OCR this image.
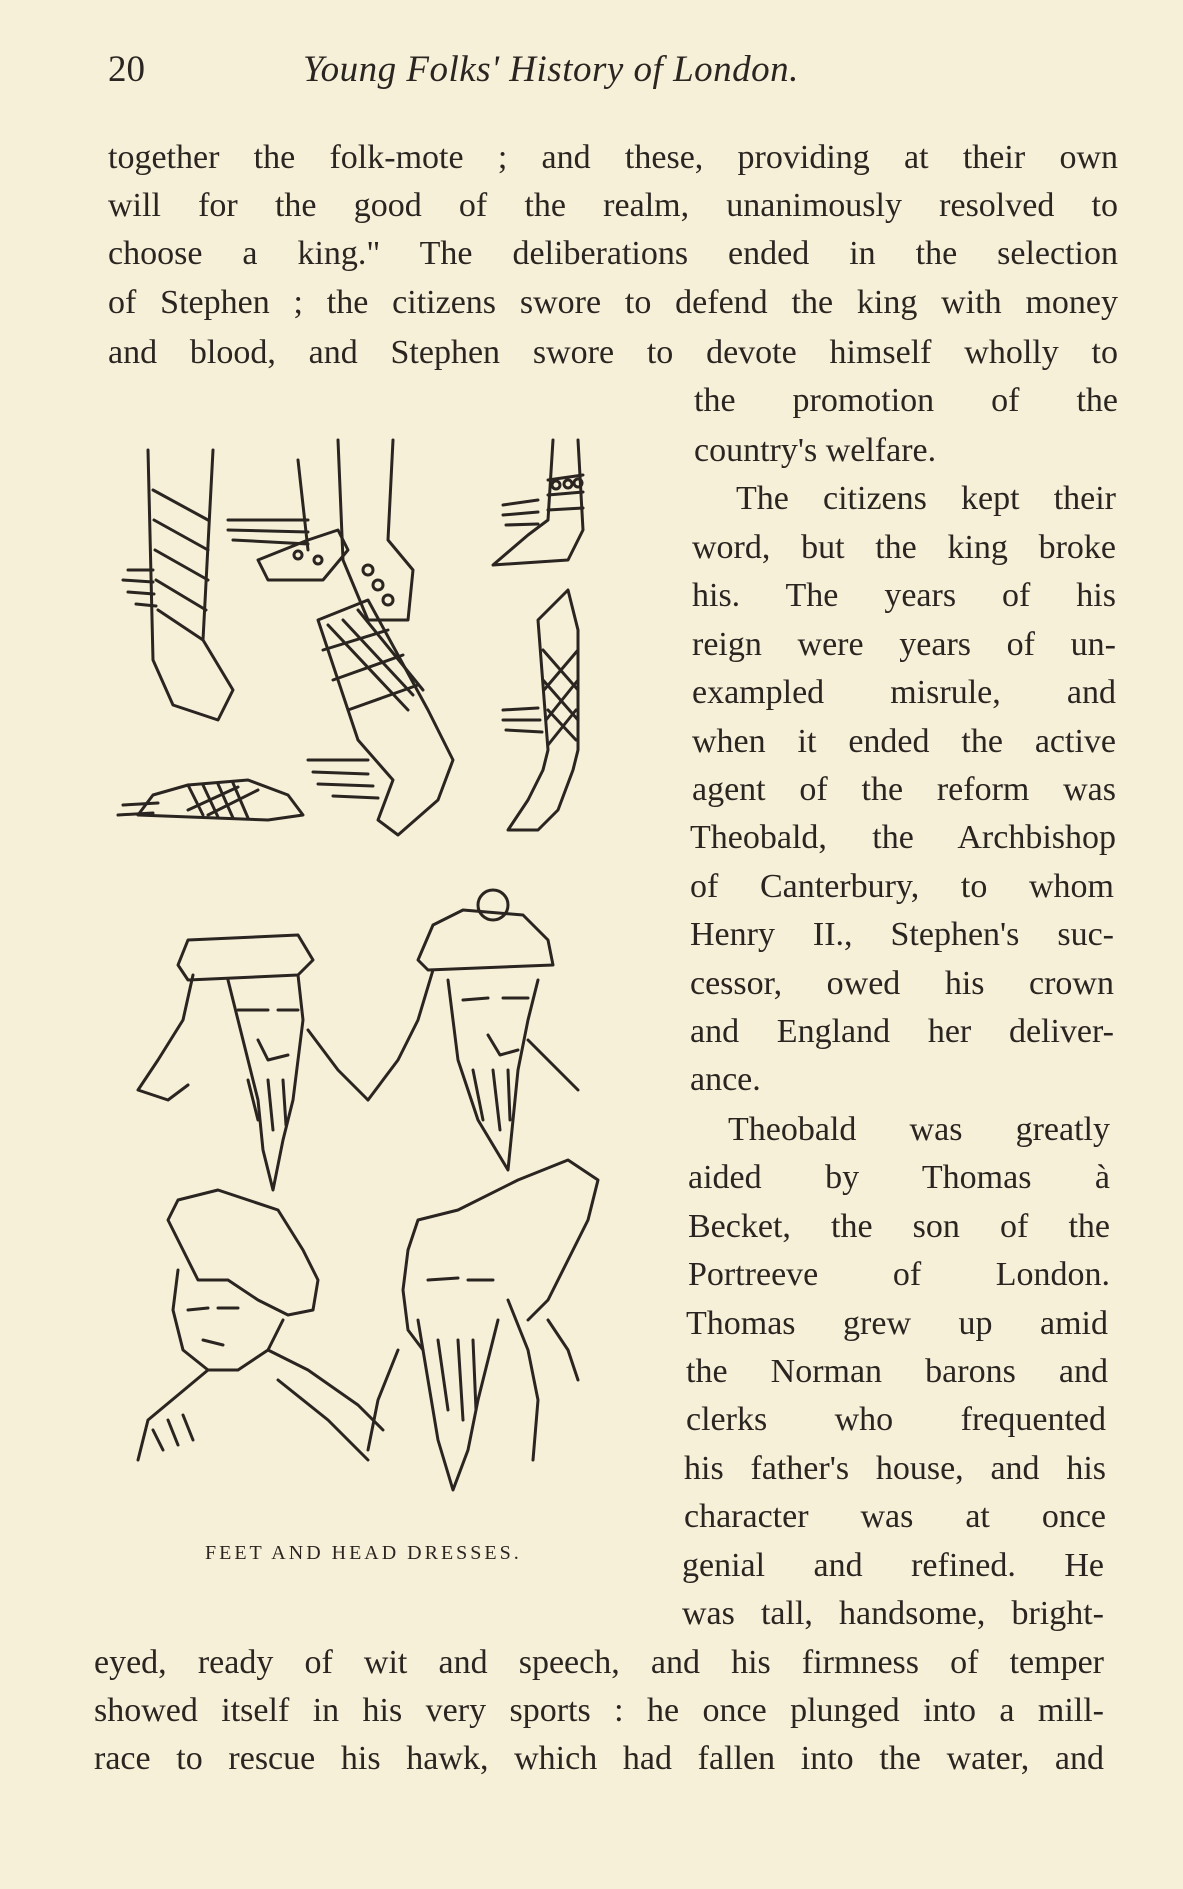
20	Young Folks' History of London.
together the folk-mote ; and these, providing at their own
will for the good of the realm, unanimously resolved to
choose a king." The deliberations ended in the selection
of Stephen ; the citizens swore to defend the king with money
and blood, and Stephen swore to devote himself wholly to
the promotion of the
country's welfare.
The citizens kept their
word, but the king broke
his. The years of his
reign were years of un-
exampled misrule, and
when it ended the active
agent of the reform was
Theobald, the Archbishop
of Canterbury, to whom
Henry II., Stephen's suc-
cessor, owed his crown
and England her deliver-
ance.
Theobald was greatly
aided by Thomas à
Becket, the son of the
Portreeve of London.
Thomas grew up amid
the Norman barons and
clerks who frequented
his father's house, and his
character was at once
genial and refined. He
was tall, handsome, bright-
eyed, ready of wit and speech, and his firmness of temper
showed itself in his very sports : he once plunged into a mill-
race to rescue his hawk, which had fallen into the water, and
FEET AND HEAD DRESSES.
